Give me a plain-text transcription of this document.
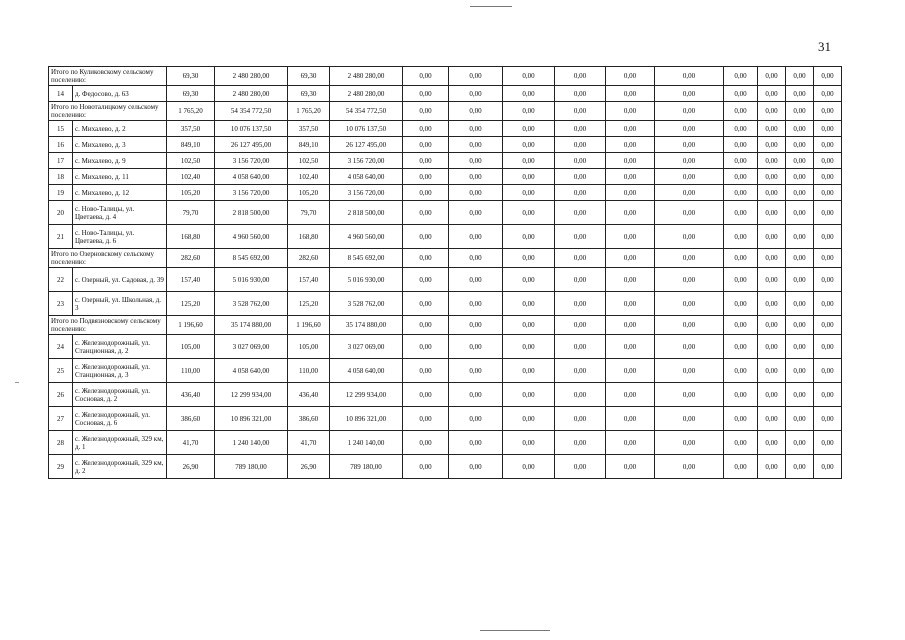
31
Итого по Куликовскому сельскому поселению:		69,30	2 480 280,00	69,30	2 480 280,00	0,00	0,00	0,00	0,00	0,00	0,00	0,00	0,00	0,00	0,00
14	д. Федосово, д. 63	69,30	2 480 280,00	69,30	2 480 280,00	0,00	0,00	0,00	0,00	0,00	0,00	0,00	0,00	0,00	0,00
Итого по Новоталицкому сельскому поселению:		1 765,20	54 354 772,50	1 765,20	54 354 772,50	0,00	0,00	0,00	0,00	0,00	0,00	0,00	0,00	0,00	0,00
15	с. Михалево, д. 2	357,50	10 076 137,50	357,50	10 076 137,50	0,00	0,00	0,00	0,00	0,00	0,00	0,00	0,00	0,00	0,00
16	с. Михалево, д. 3	849,10	26 127 495,00	849,10	26 127 495,00	0,00	0,00	0,00	0,00	0,00	0,00	0,00	0,00	0,00	0,00
17	с. Михалево, д. 9	102,50	3 156 720,00	102,50	3 156 720,00	0,00	0,00	0,00	0,00	0,00	0,00	0,00	0,00	0,00	0,00
18	с. Михалево, д. 11	102,40	4 058 640,00	102,40	4 058 640,00	0,00	0,00	0,00	0,00	0,00	0,00	0,00	0,00	0,00	0,00
19	с. Михалево, д. 12	105,20	3 156 720,00	105,20	3 156 720,00	0,00	0,00	0,00	0,00	0,00	0,00	0,00	0,00	0,00	0,00
20	с. Ново-Талицы, ул. Цветаева, д. 4	79,70	2 818 500,00	79,70	2 818 500,00	0,00	0,00	0,00	0,00	0,00	0,00	0,00	0,00	0,00	0,00
21	с. Ново-Талицы, ул. Цветаева, д. 6	168,80	4 960 560,00	168,80	4 960 560,00	0,00	0,00	0,00	0,00	0,00	0,00	0,00	0,00	0,00	0,00
Итого по Озерновскому сельскому поселению:		282,60	8 545 692,00	282,60	8 545 692,00	0,00	0,00	0,00	0,00	0,00	0,00	0,00	0,00	0,00	0,00
22	с. Озерный, ул. Садовая, д. 39	157,40	5 016 930,00	157,40	5 016 930,00	0,00	0,00	0,00	0,00	0,00	0,00	0,00	0,00	0,00	0,00
23	с. Озерный, ул. Школьная, д. 3	125,20	3 528 762,00	125,20	3 528 762,00	0,00	0,00	0,00	0,00	0,00	0,00	0,00	0,00	0,00	0,00
Итого по Подвязновскому сельскому поселению:		1 196,60	35 174 880,00	1 196,60	35 174 880,00	0,00	0,00	0,00	0,00	0,00	0,00	0,00	0,00	0,00	0,00
24	с. Железнодорожный, ул. Станционная, д. 2	105,00	3 027 069,00	105,00	3 027 069,00	0,00	0,00	0,00	0,00	0,00	0,00	0,00	0,00	0,00	0,00
25	с. Железнодорожный, ул. Станционная, д. 3	110,00	4 058 640,00	110,00	4 058 640,00	0,00	0,00	0,00	0,00	0,00	0,00	0,00	0,00	0,00	0,00
26	с. Железнодорожный, ул. Сосновая, д. 2	436,40	12 299 934,00	436,40	12 299 934,00	0,00	0,00	0,00	0,00	0,00	0,00	0,00	0,00	0,00	0,00
27	с. Железнодорожный, ул. Сосновая, д. 6	386,60	10 896 321,00	386,60	10 896 321,00	0,00	0,00	0,00	0,00	0,00	0,00	0,00	0,00	0,00	0,00
28	с. Железнодорожный, 329 км, д. 1	41,70	1 240 140,00	41,70	1 240 140,00	0,00	0,00	0,00	0,00	0,00	0,00	0,00	0,00	0,00	0,00
29	с. Железнодорожный, 329 км, д. 2	26,90	789 180,00	26,90	789 180,00	0,00	0,00	0,00	0,00	0,00	0,00	0,00	0,00	0,00	0,00
